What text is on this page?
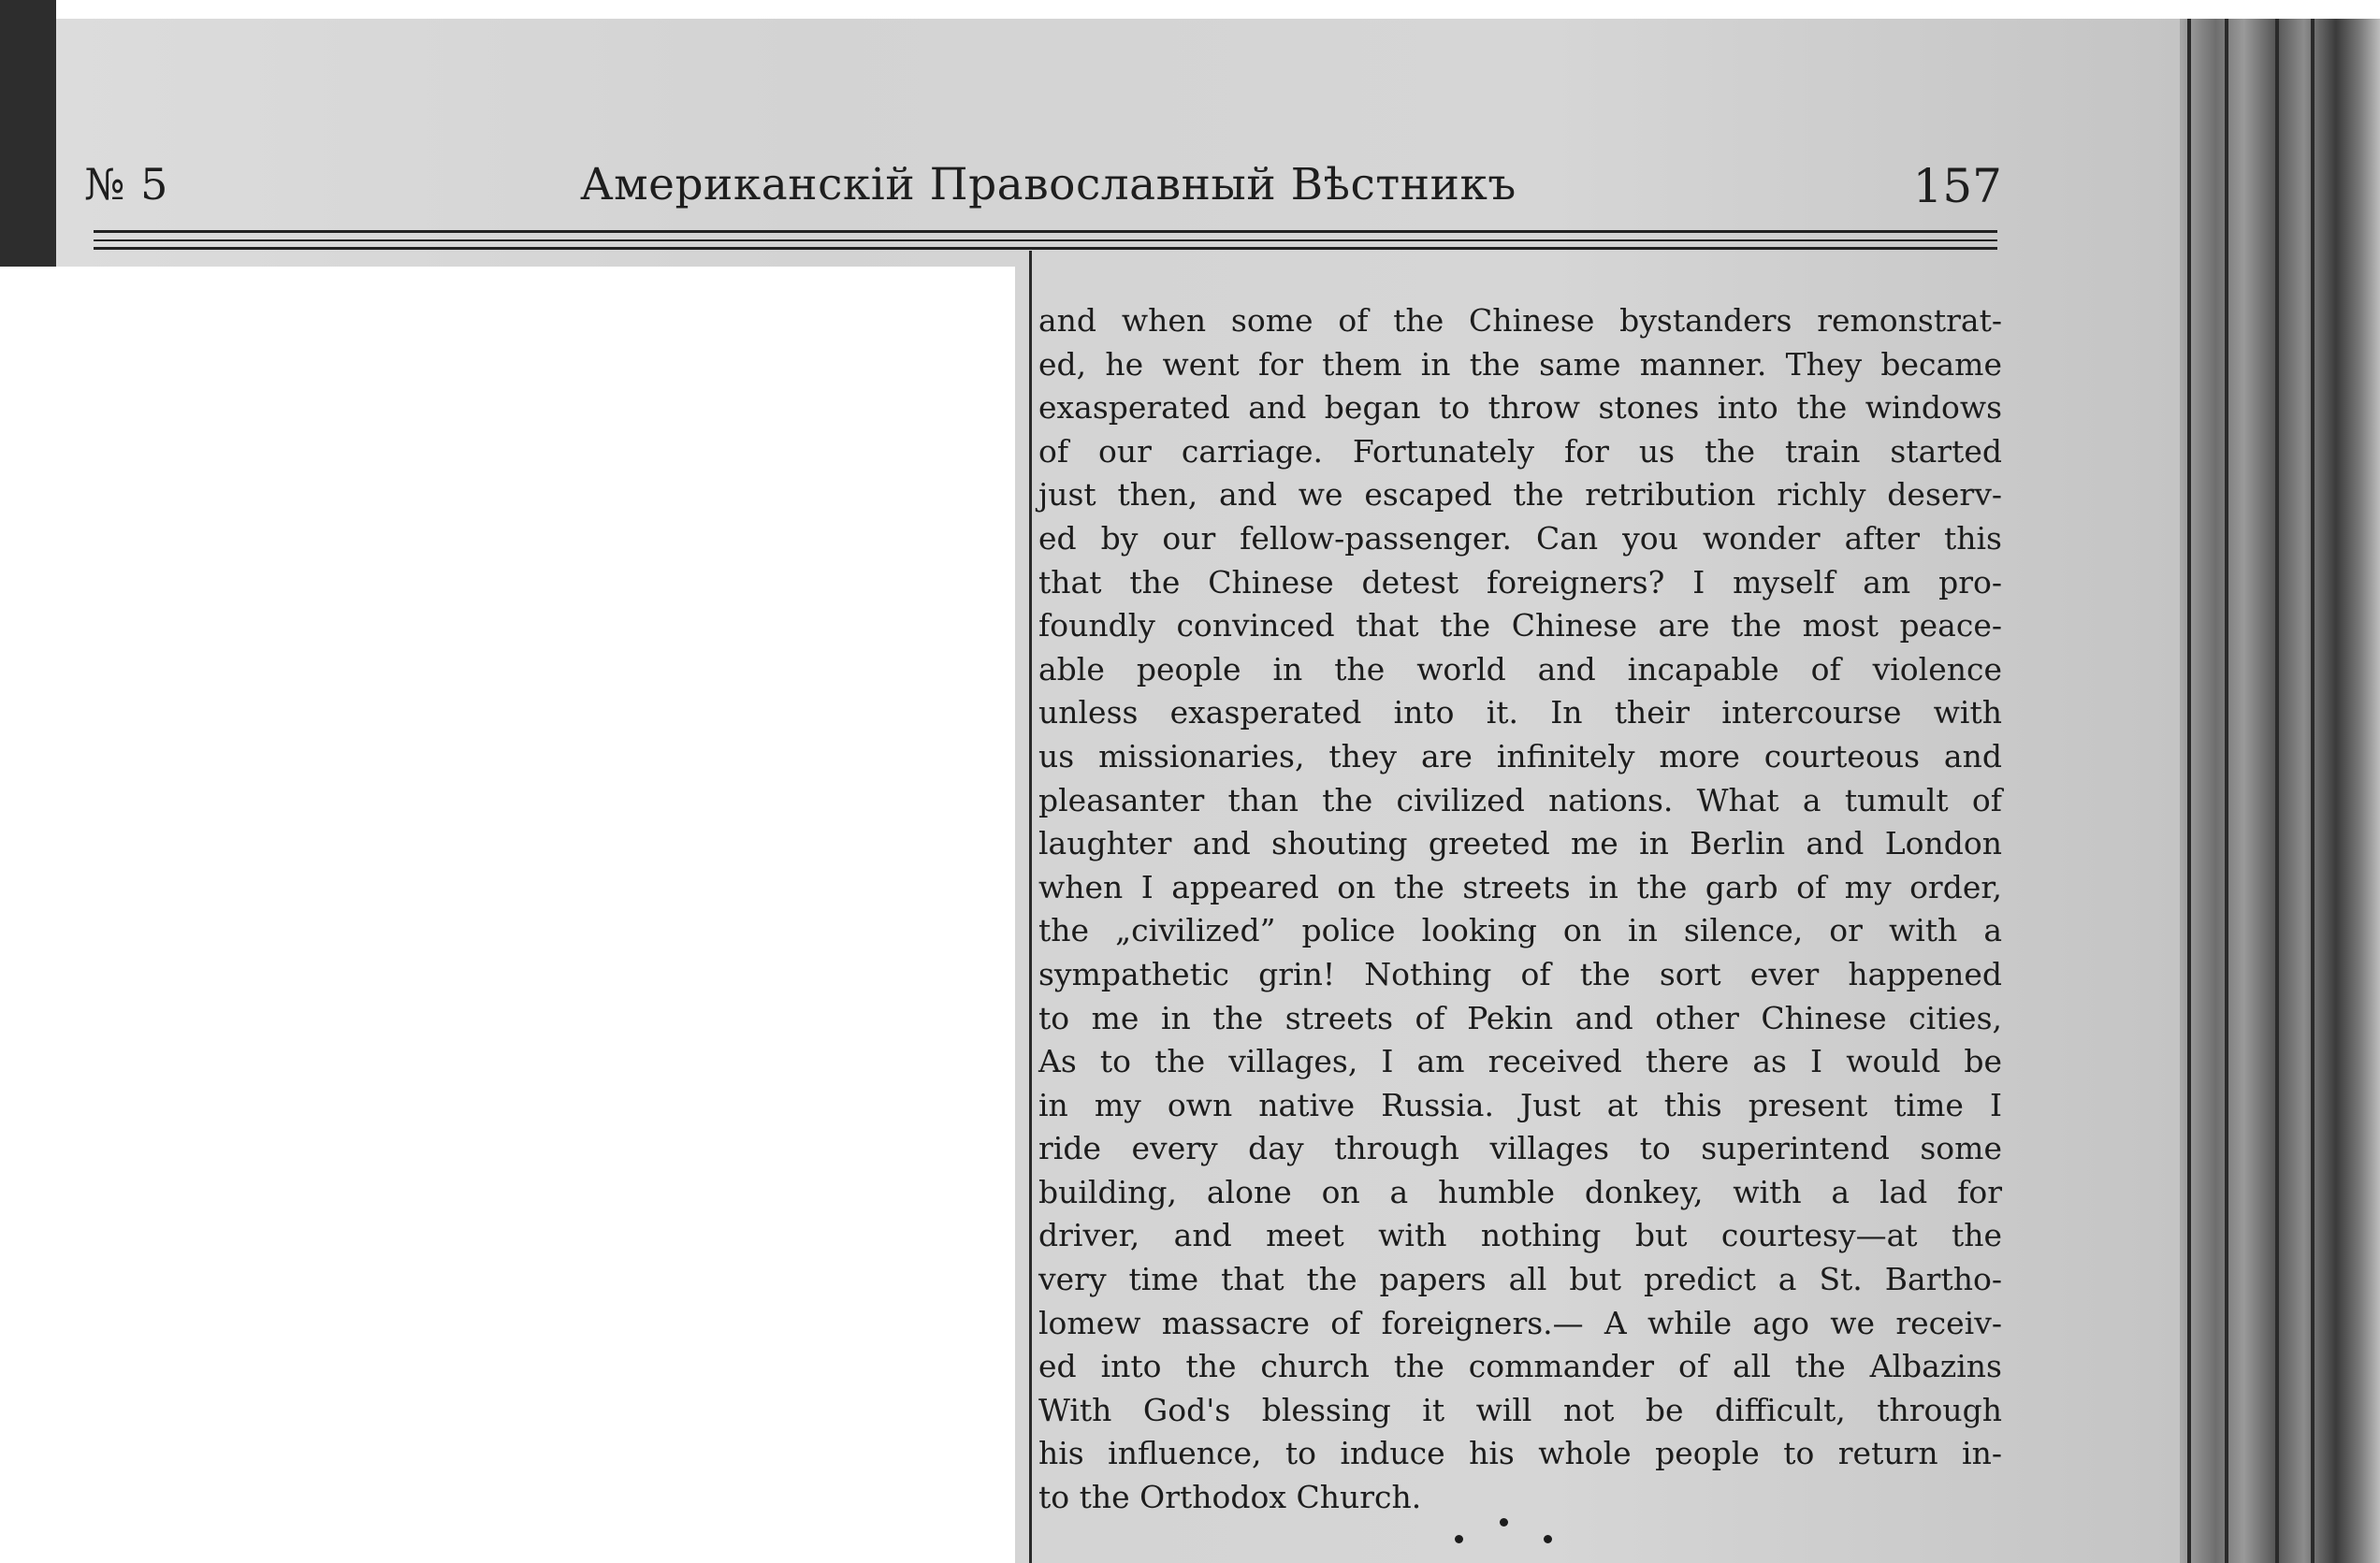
№ 5	Американскій Православный Вѣстникъ	157
and when some of the Chinese bystanders remonstrat-
ed, he went for them in the same manner. They became
exasperated and began to throw stones into the windows
of our carriage. Fortunately for us the train started
just then, and we escaped the retribution richly deserv-
ed by our fellow-passenger. Can you wonder after this
that the Chinese detest foreigners? I myself am pro-
foundly convinced that the Chinese are the most peace-
able people in the world and incapable of violence
unless exasperated into it. In their intercourse with
us missionaries, they are infinitely more courteous and
pleasanter than the civilized nations. What a tumult of
laughter and shouting greeted me in Berlin and London
when I appeared on the streets in the garb of my order,
the „civilized” police looking on in silence, or with a
sympathetic grin! Nothing of the sort ever happened
to me in the streets of Pekin and other Chinese cities,
As to the villages, I am received there as I would be
in my own native Russia. Just at this present time I
ride every day through villages to superintend some
building, alone on a humble donkey, with a lad for
driver, and meet with nothing but courtesy—at the
very time that the papers all but predict a St. Bartho-
lomew massacre of foreigners.— A while ago we receiv-
ed into the church the commander of all the Albazins
With God's blessing it will not be difficult, through
his influence, to induce his whole people to return in-
to the Orthodox Church.
